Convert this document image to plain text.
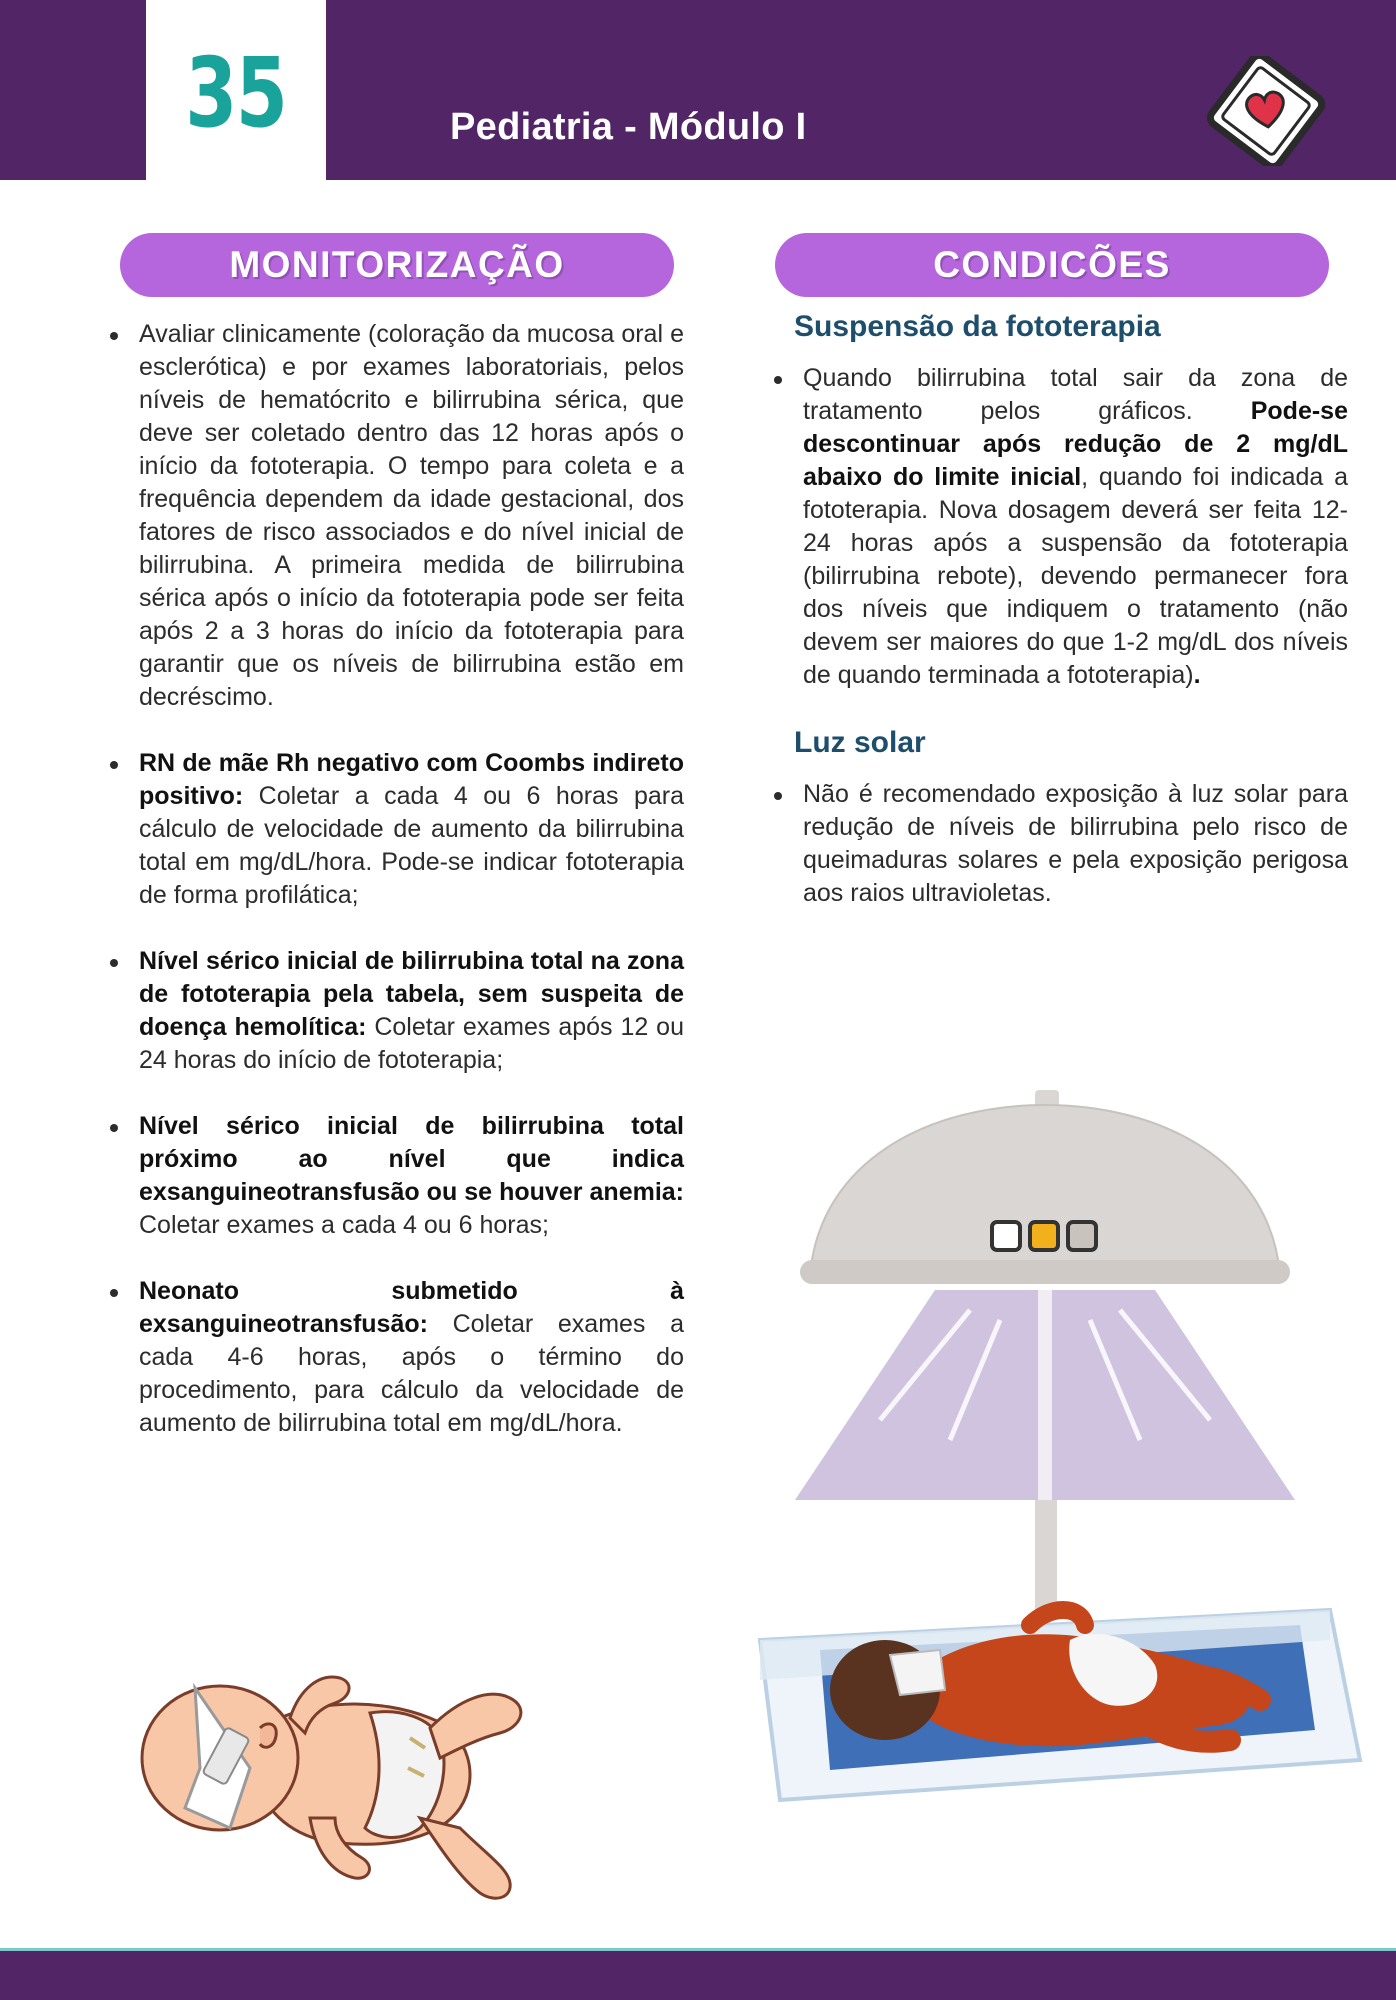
35	Pediatria - Módulo I
MONITORIZAÇÃO	CONDICÕES
Avaliar clinicamente (coloração da mucosa oral e esclerótica) e por exames laboratoriais, pelos níveis de hematócrito e bilirrubina sérica, que deve ser coletado dentro das 12 horas após o início da fototerapia. O tempo para coleta e a frequência dependem da idade gestacional, dos fatores de risco associados e do nível inicial de bilirrubina. A primeira medida de bilirrubina sérica após o início da fototerapia pode ser feita após 2 a 3 horas do início da fototerapia para garantir que os níveis de bilirrubina estão em decréscimo.
RN de mãe Rh negativo com Coombs indireto positivo: Coletar a cada 4 ou 6 horas para cálculo de velocidade de aumento da bilirrubina total em mg/dL/hora. Pode-se indicar fototerapia de forma profilática;
Nível sérico inicial de bilirrubina total na zona de fototerapia pela tabela, sem suspeita de doença hemolítica: Coletar exames após 12 ou 24 horas do início de fototerapia;
Nível sérico inicial de bilirrubina total próximo ao nível que indica exsanguineotransfusão ou se houver anemia: Coletar exames a cada 4 ou 6 horas;
Neonato submetido à exsanguineotransfusão: Coletar exames a cada 4-6 horas, após o término do procedimento, para cálculo da velocidade de aumento de bilirrubina total em mg/dL/hora.
Suspensão da fototerapia
Quando bilirrubina total sair da zona de tratamento pelos gráficos. Pode-se descontinuar após redução de 2 mg/dL abaixo do limite inicial, quando foi indicada a fototerapia. Nova dosagem deverá ser feita 12-24 horas após a suspensão da fototerapia (bilirrubina rebote), devendo permanecer fora dos níveis que indiquem o tratamento (não devem ser maiores do que 1-2 mg/dL dos níveis de quando terminada a fototerapia).
Luz solar
Não é recomendado exposição à luz solar para redução de níveis de bilirrubina pelo risco de queimaduras solares e pela exposição perigosa aos raios ultravioletas.
